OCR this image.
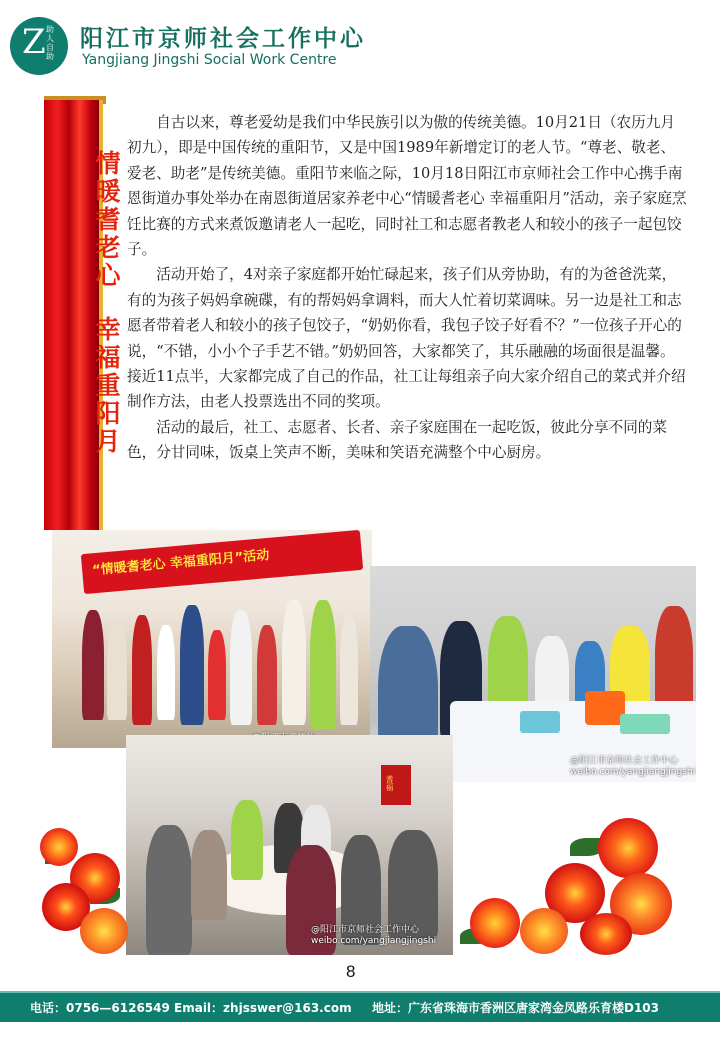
Z 助人自助
阳江市京师社会工作中心
Yangjiang Jingshi Social Work Centre
情
暖
耆
老
心
幸
福
重
阳
月

自古以来，尊老爱幼是我们中华民族引以为傲的传统美德。10月21日（农历九月初九），即是中国传统的重阳节，又是中国1989年新增定订的老人节。“尊老、敬老、爱老、助老”是传统美德。重阳节来临之际，10月18日阳江市京师社会工作中心携手南恩街道办事处举办在南恩街道居家养老中心“情暖耆老心 幸福重阳月”活动，亲子家庭烹饪比赛的方式来煮饭邀请老人一起吃，同时社工和志愿者教老人和较小的孩子一起包饺子。

活动开始了，4对亲子家庭都开始忙碌起来，孩子们从旁协助，有的为爸爸洗菜，有的为孩子妈妈拿碗碟，有的帮妈妈拿调料，而大人忙着切菜调味。另一边是社工和志愿者带着老人和较小的孩子包饺子，“奶奶你看，我包子饺子好看不？”一位孩子开心的说，“不错，小小个子手艺不错。”奶奶回答，大家都笑了，其乐融融的场面很是温馨。接近11点半，大家都完成了自己的作品，社工让每组亲子向大家介绍自己的菜式并介绍制作方法，由老人投票选出不同的奖项。

活动的最后，社工、志愿者、长者、亲子家庭围在一起吃饭，彼此分享不同的菜色，分甘同味，饭桌上笑声不断，美味和笑语充满整个中心厨房。

“情暖耆老心 幸福重阳月”活动
@阳江市京师社会工作中心 weibo.com/yangjiangjingshi
耆福
@阳江市京师社会工作中心 weibo.com/yangjiangjingshi
8
电话：0756—6126549 Email：zhjsswer@163.com 地址：广东省珠海市香洲区唐家湾金凤路乐育楼D103
